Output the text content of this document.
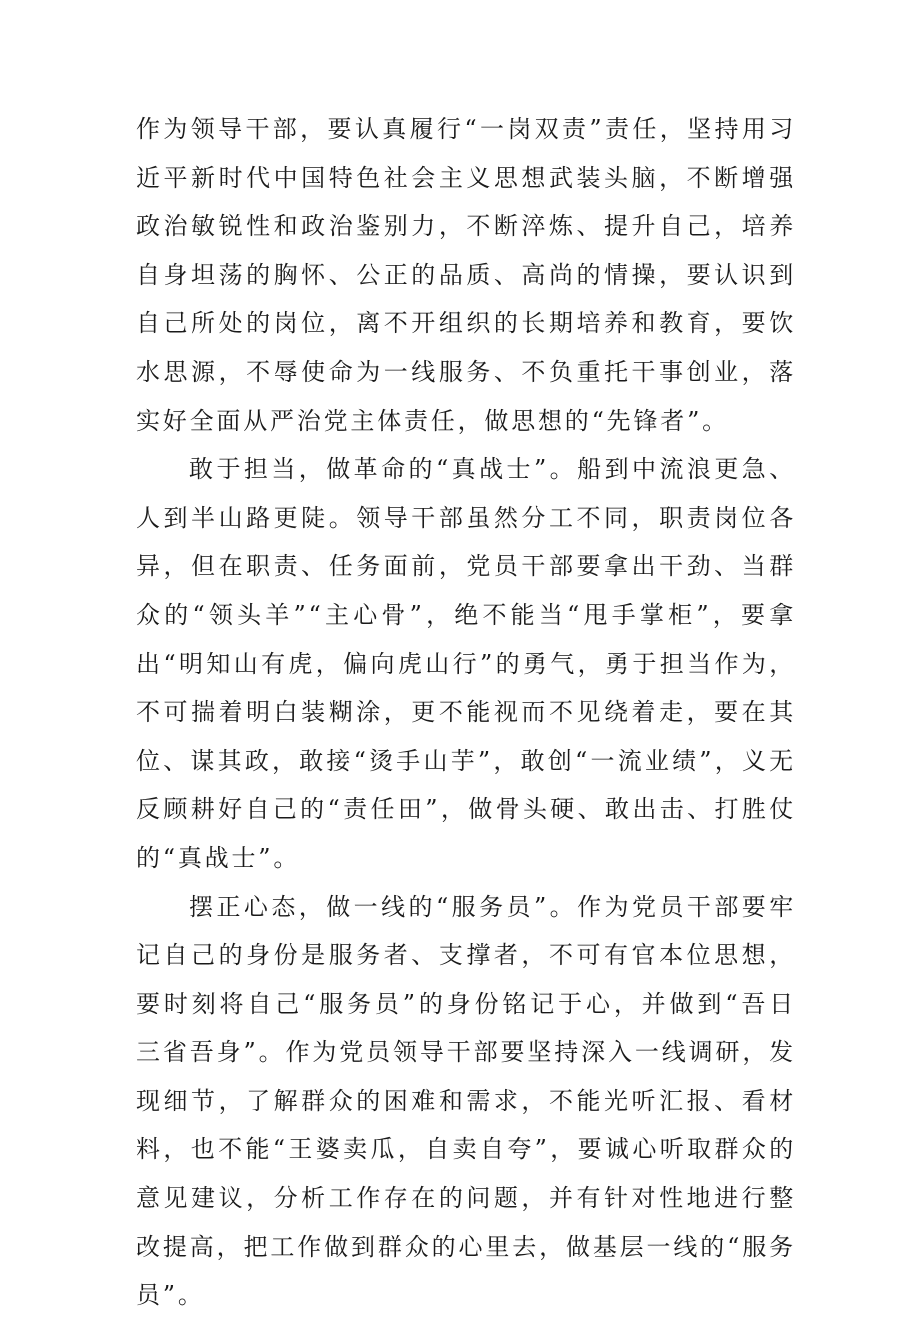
作为领导干部，要认真履行“一岗双责”责任，坚持用习近平新时代中国特色社会主义思想武装头脑，不断增强政治敏锐性和政治鉴别力，不断淬炼、提升自己，培养自身坦荡的胸怀、公正的品质、高尚的情操，要认识到自己所处的岗位，离不开组织的长期培养和教育，要饮水思源，不辱使命为一线服务、不负重托干事创业，落实好全面从严治党主体责任，做思想的“先锋者”。

敢于担当，做革命的“真战士”。船到中流浪更急、人到半山路更陡。领导干部虽然分工不同，职责岗位各异，但在职责、任务面前，党员干部要拿出干劲、当群众的“领头羊”“主心骨”，绝不能当“甩手掌柜”，要拿出“明知山有虎，偏向虎山行”的勇气，勇于担当作为，不可揣着明白装糊涂，更不能视而不见绕着走，要在其位、谋其政，敢接“烫手山芋”，敢创“一流业绩”，义无反顾耕好自己的“责任田”，做骨头硬、敢出击、打胜仗的“真战士”。

摆正心态，做一线的“服务员”。作为党员干部要牢记自己的身份是服务者、支撑者，不可有官本位思想，要时刻将自己“服务员”的身份铭记于心，并做到“吾日三省吾身”。作为党员领导干部要坚持深入一线调研，发现细节，了解群众的困难和需求，不能光听汇报、看材料，也不能“王婆卖瓜，自卖自夸”，要诚心听取群众的意见建议，分析工作存在的问题，并有针对性地进行整改提高，把工作做到群众的心里去，做基层一线的“服务员”。
